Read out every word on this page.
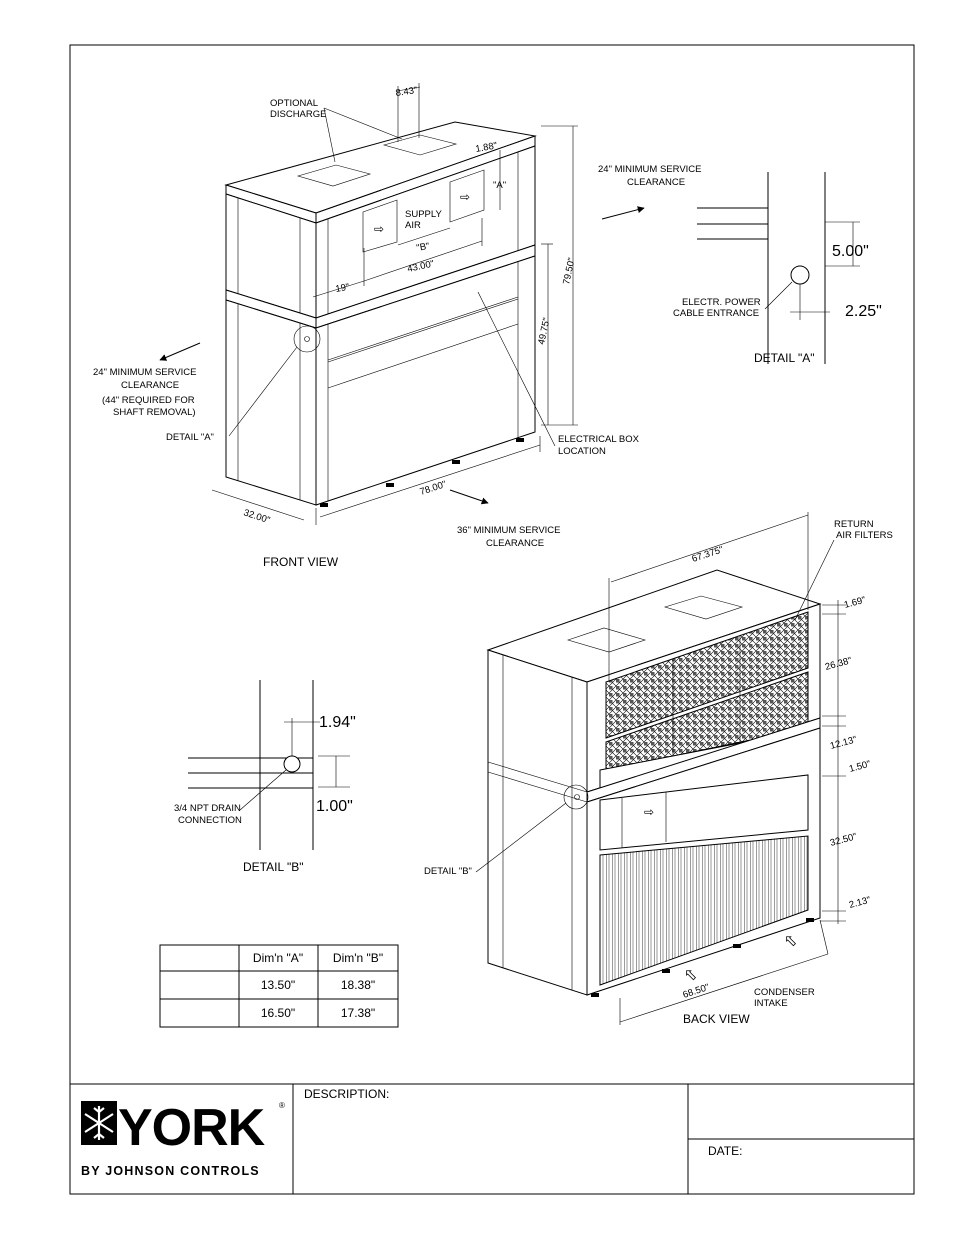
⇨
⇨
OPTIONAL
DISCHARGE
8.43"
1.88"
"A"
SUPPLY
AIR
"B"
19"
43.00"	79.50"
49.75"
24" MINIMUM SERVICE
CLEARANCE
24" MINIMUM SERVICE
CLEARANCE
(44" REQUIRED FOR
SHAFT REMOVAL)
DETAIL "A"	ELECTRICAL BOX
LOCATION
32.00"
78.00"
36" MINIMUM SERVICE
CLEARANCE
FRONT VIEW
5.00"
2.25"
ELECTR. POWER
CABLE ENTRANCE
DETAIL "A"
1.94"
1.00"
3/4 NPT DRAIN
CONNECTION
DETAIL "B"
⇨
⇨
⇨
67.375"
RETURN
AIR FILTERS
1.69"
26.38"
12.13"
1.50"
32.50"
2.13"
DETAIL "B"
68.50"	CONDENSER
INTAKE
BACK VIEW
Dim'n "A" Dim'n "B"
13.50"	18.38"
16.50"	17.38"
YORK ®
BY JOHNSON CONTROLS
DESCRIPTION:
DATE:
